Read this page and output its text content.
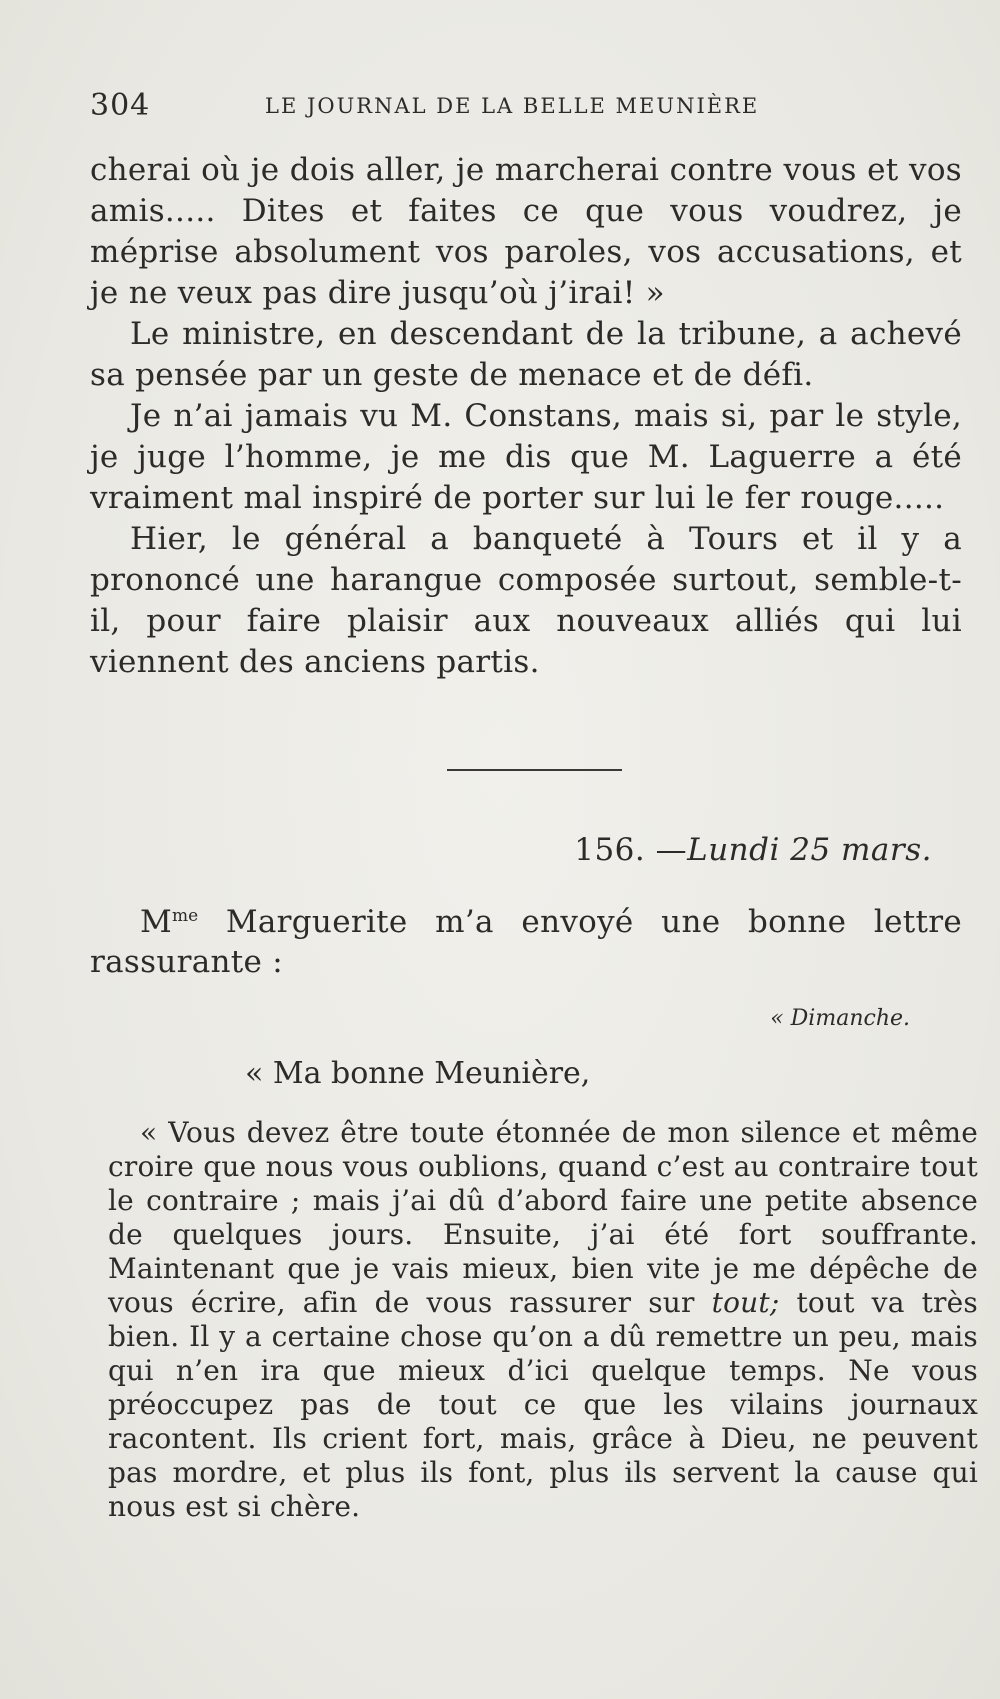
304	LE JOURNAL DE LA BELLE MEUNIÈRE

cherai où je dois aller, je marcherai contre vous et vos amis..... Dites et faites ce que vous voudrez, je méprise absolument vos paroles, vos accusations, et je ne veux pas dire jusqu’où j’irai! »

Le ministre, en descendant de la tribune, a achevé sa pensée par un geste de menace et de défi.

Je n’ai jamais vu M. Constans, mais si, par le style, je juge l’homme, je me dis que M. Laguerre a été vraiment mal inspiré de porter sur lui le fer rouge.....

Hier, le général a banqueté à Tours et il y a prononcé une harangue composée surtout, semble-t-il, pour faire plaisir aux nouveaux alliés qui lui viennent des anciens partis.

156. —Lundi 25 mars.

$M^{me}$ Marguerite m’a envoyé une bonne lettre rassurante :

« Dimanche.
« Ma bonne Meunière,

« Vous devez être toute étonnée de mon silence et même croire que nous vous oublions, quand c’est au contraire tout le contraire ; mais j’ai dû d’abord faire une petite absence de quelques jours. Ensuite, j’ai été fort souffrante. Maintenant que je vais mieux, bien vite je me dépêche de vous écrire, afin de vous rassurer sur tout; tout va très bien. Il y a certaine chose qu’on a dû remettre un peu, mais qui n’en ira que mieux d’ici quelque temps. Ne vous préoccupez pas de tout ce que les vilains journaux racontent. Ils crient fort, mais, grâce à Dieu, ne peuvent pas mordre, et plus ils font, plus ils servent la cause qui nous est si chère.
